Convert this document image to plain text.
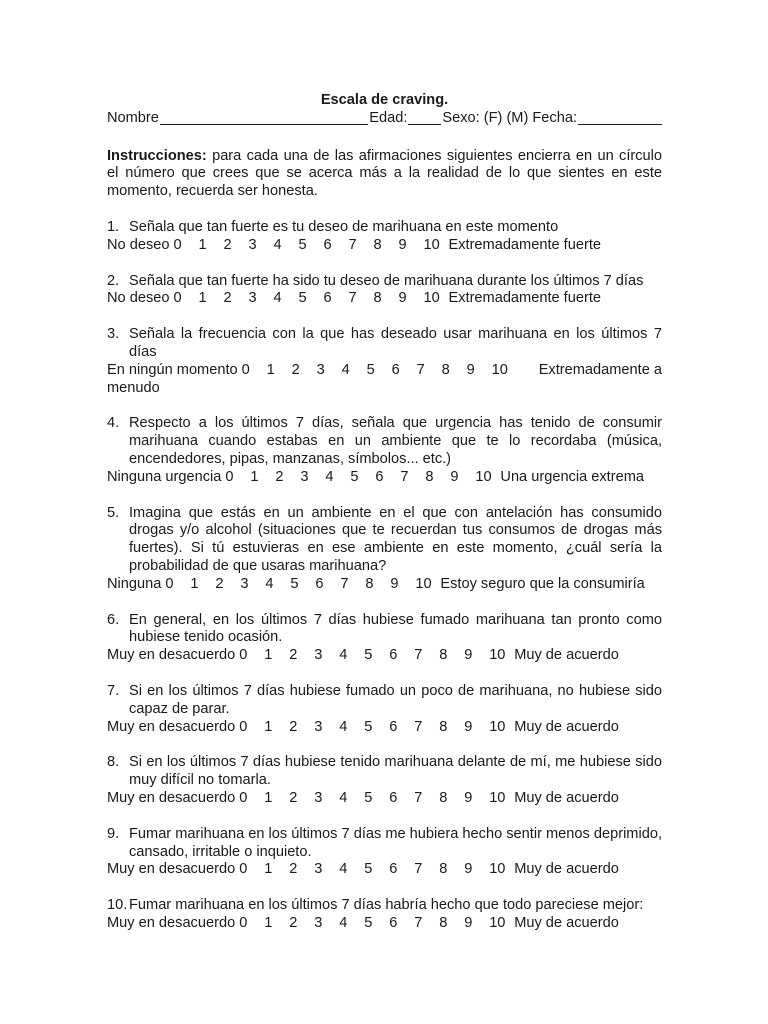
Escala de craving.

Nombre	Edad: Sexo: (F) (M) Fecha:

Instrucciones: para cada una de las afirmaciones siguientes encierra en un círculo el número que crees que se acerca más a la realidad de lo que sientes en este momento, recuerda ser honesta.

1. Señala que tan fuerte es tu deseo de marihuana en este momento
No deseo 0 1 2 3 4 5 6 7 8 9 10 Extremadamente fuerte
2. Señala que tan fuerte ha sido tu deseo de marihuana durante los últimos 7 días
No deseo 0 1 2 3 4 5 6 7 8 9 10 Extremadamente fuerte
3. Señala la frecuencia con la que has deseado usar marihuana en los últimos 7 días
En ningún momento 0 1 2 3 4 5 6 7 8 9 10	Extremadamente a
menudo
4. Respecto a los últimos 7 días, señala que urgencia has tenido de consumir marihuana cuando estabas en un ambiente que te lo recordaba (música, encendedores, pipas, manzanas, símbolos... etc.)
Ninguna urgencia 0 1 2 3 4 5 6 7 8 9 10 Una urgencia extrema
5. Imagina que estás en un ambiente en el que con antelación has consumido drogas y/o alcohol (situaciones que te recuerdan tus consumos de drogas más fuertes). Si tú estuvieras en ese ambiente en este momento, ¿cuál sería la probabilidad de que usaras marihuana?
Ninguna 0 1 2 3 4 5 6 7 8 9 10 Estoy seguro que la consumiría
6. En general, en los últimos 7 días hubiese fumado marihuana tan pronto como hubiese tenido ocasión.
Muy en desacuerdo 0 1 2 3 4 5 6 7 8 9 10 Muy de acuerdo
7. Si en los últimos 7 días hubiese fumado un poco de marihuana, no hubiese sido capaz de parar.
Muy en desacuerdo 0 1 2 3 4 5 6 7 8 9 10 Muy de acuerdo
8. Si en los últimos 7 días hubiese tenido marihuana delante de mí, me hubiese sido muy difícil no tomarla.
Muy en desacuerdo 0 1 2 3 4 5 6 7 8 9 10 Muy de acuerdo
9. Fumar marihuana en los últimos 7 días me hubiera hecho sentir menos deprimido, cansado, irritable o inquieto.
Muy en desacuerdo 0 1 2 3 4 5 6 7 8 9 10 Muy de acuerdo
10. Fumar marihuana en los últimos 7 días habría hecho que todo pareciese mejor:
Muy en desacuerdo 0 1 2 3 4 5 6 7 8 9 10 Muy de acuerdo
